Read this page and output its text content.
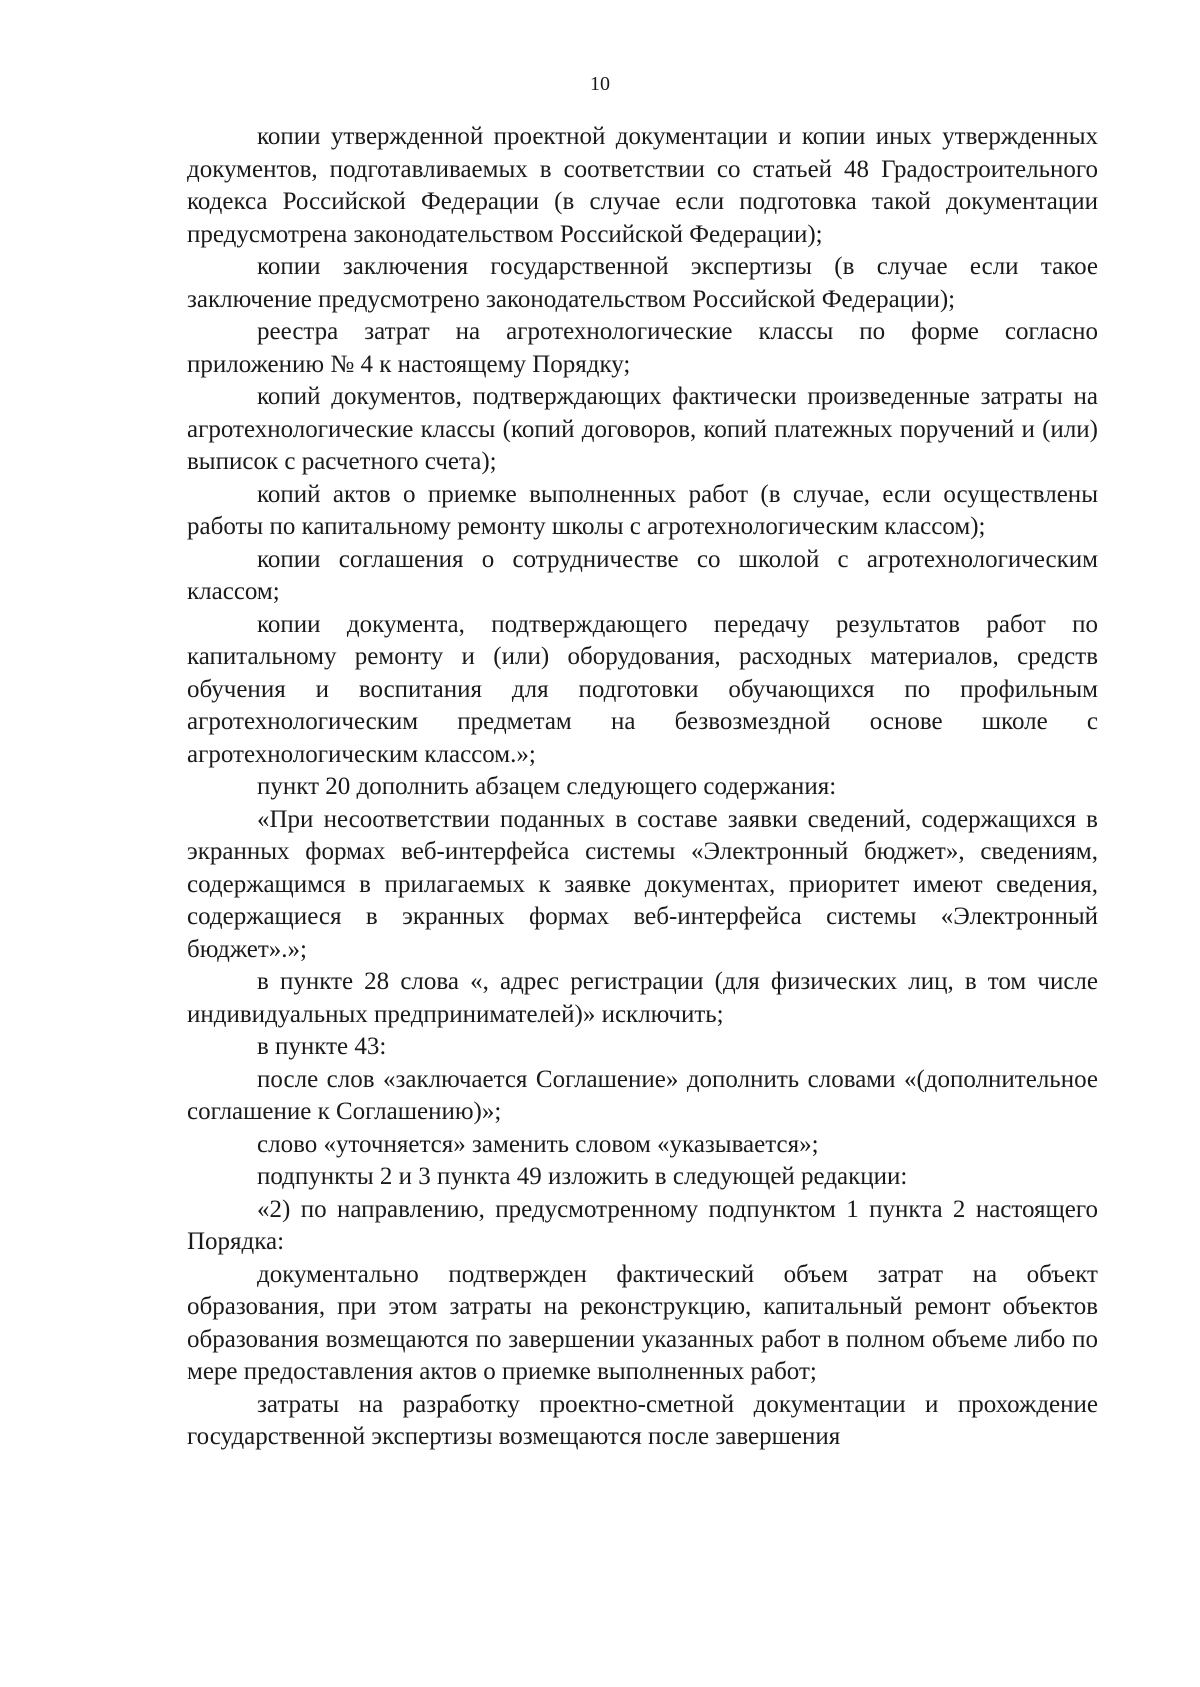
10

копии утвержденной проектной документации и копии иных утвержденных документов, подготавливаемых в соответствии со статьей 48 Градостроительного кодекса Российской Федерации (в случае если подготовка такой документации предусмотрена законодательством Российской Федерации);

копии заключения государственной экспертизы (в случае если такое заключение предусмотрено законодательством Российской Федерации);

реестра затрат на агротехнологические классы по форме согласно приложению № 4 к настоящему Порядку;

копий документов, подтверждающих фактически произведенные затраты на агротехнологические классы (копий договоров, копий платежных поручений и (или) выписок с расчетного счета);

копий актов о приемке выполненных работ (в случае, если осуществлены работы по капитальному ремонту школы с агротехнологическим классом);

копии соглашения о сотрудничестве со школой с агротехнологическим классом;

копии документа, подтверждающего передачу результатов работ по капитальному ремонту и (или) оборудования, расходных материалов, средств обучения и воспитания для подготовки обучающихся по профильным агротехнологическим предметам на безвозмездной основе школе с агротехнологическим классом.»;

пункт 20 дополнить абзацем следующего содержания:

«При несоответствии поданных в составе заявки сведений, содержащихся в экранных формах веб-интерфейса системы «Электронный бюджет», сведениям, содержащимся в прилагаемых к заявке документах, приоритет имеют сведения, содержащиеся в экранных формах веб-интерфейса системы «Электронный бюджет».»;

в пункте 28 слова «, адрес регистрации (для физических лиц, в том числе индивидуальных предпринимателей)» исключить;

в пункте 43:

после слов «заключается Соглашение» дополнить словами «(дополнительное соглашение к Соглашению)»;

слово «уточняется» заменить словом «указывается»;

подпункты 2 и 3 пункта 49 изложить в следующей редакции:

«2) по направлению, предусмотренному подпунктом 1 пункта 2 настоящего Порядка:

документально подтвержден фактический объем затрат на объект образования, при этом затраты на реконструкцию, капитальный ремонт объектов образования возмещаются по завершении указанных работ в полном объеме либо по мере предоставления актов о приемке выполненных работ;

затраты на разработку проектно-сметной документации и прохождение государственной экспертизы возмещаются после завершения
